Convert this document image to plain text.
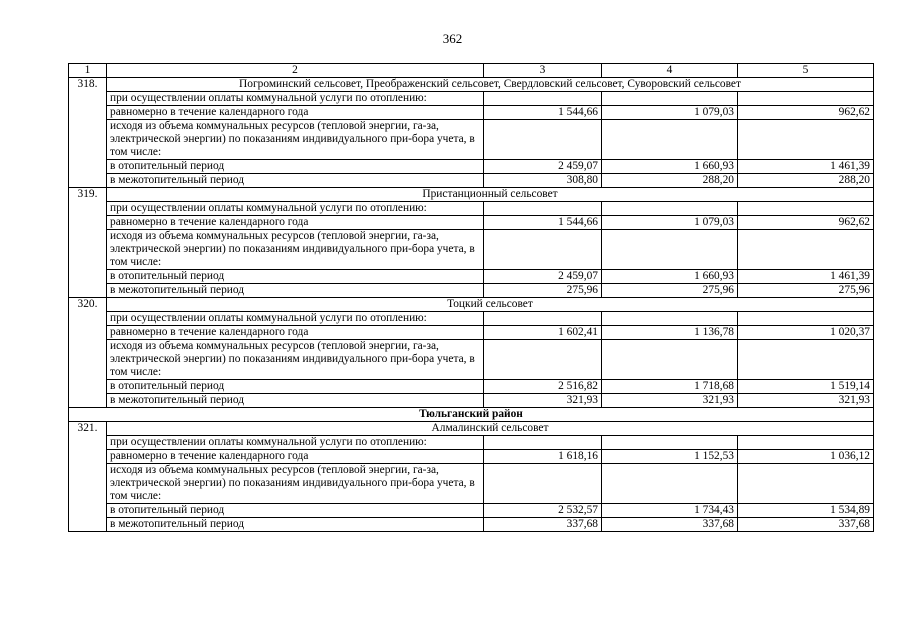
362
1	2	3	4	5
318.	Погроминский сельсовет, Преображенский сельсовет, Свердловский сельсовет, Суворовский сельсовет			
	при осуществлении оплаты коммунальной услуги по отоплению:			
	равномерно в течение календарного года	1 544,66	1 079,03	962,62
	исходя из объема коммунальных ресурсов (тепловой энергии, га-за, электрической энергии) по показаниям индивидуального при-бора учета, в том числе:			
	в отопительный период	2 459,07	1 660,93	1 461,39
	в межотопительный период	308,80	288,20	288,20
319.	Пристанционный сельсовет			
	при осуществлении оплаты коммунальной услуги по отоплению:			
	равномерно в течение календарного года	1 544,66	1 079,03	962,62
	исходя из объема коммунальных ресурсов (тепловой энергии, га-за, электрической энергии) по показаниям индивидуального при-бора учета, в том числе:			
	в отопительный период	2 459,07	1 660,93	1 461,39
	в межотопительный период	275,96	275,96	275,96
320.	Тоцкий сельсовет			
	при осуществлении оплаты коммунальной услуги по отоплению:			
	равномерно в течение календарного года	1 602,41	1 136,78	1 020,37
	исходя из объема коммунальных ресурсов (тепловой энергии, га-за, электрической энергии) по показаниям индивидуального при-бора учета, в том числе:			
	в отопительный период	2 516,82	1 718,68	1 519,14
	в межотопительный период	321,93	321,93	321,93
Тюльганский район				
321.	Алмалинский сельсовет			
	при осуществлении оплаты коммунальной услуги по отоплению:			
	равномерно в течение календарного года	1 618,16	1 152,53	1 036,12
	исходя из объема коммунальных ресурсов (тепловой энергии, га-за, электрической энергии) по показаниям индивидуального при-бора учета, в том числе:			
	в отопительный период	2 532,57	1 734,43	1 534,89
	в межотопительный период	337,68	337,68	337,68
